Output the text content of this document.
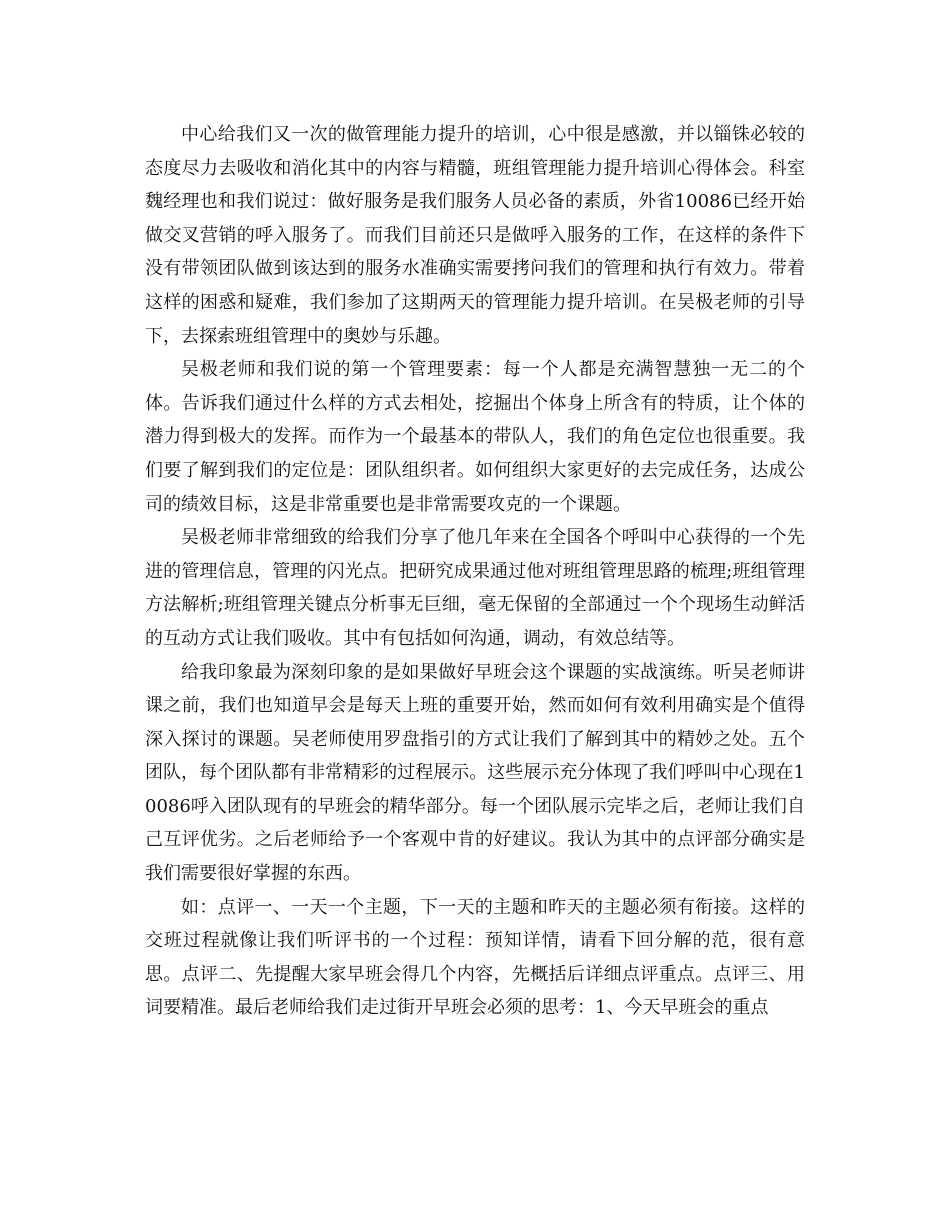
中心给我们又一次的做管理能力提升的培训，心中很是感激，并以锱铢必较的态度尽力去吸收和消化其中的内容与精髓，班组管理能力提升培训心得体会。科室魏经理也和我们说过：做好服务是我们服务人员必备的素质，外省10086已经开始做交叉营销的呼入服务了。而我们目前还只是做呼入服务的工作，在这样的条件下没有带领团队做到该达到的服务水准确实需要拷问我们的管理和执行有效力。带着这样的困惑和疑难，我们参加了这期两天的管理能力提升培训。在吴极老师的引导下，去探索班组管理中的奥妙与乐趣。

吴极老师和我们说的第一个管理要素：每一个人都是充满智慧独一无二的个体。告诉我们通过什么样的方式去相处，挖掘出个体身上所含有的特质，让个体的潜力得到极大的发挥。而作为一个最基本的带队人，我们的角色定位也很重要。我们要了解到我们的定位是：团队组织者。如何组织大家更好的去完成任务，达成公司的绩效目标，这是非常重要也是非常需要攻克的一个课题。

吴极老师非常细致的给我们分享了他几年来在全国各个呼叫中心获得的一个先进的管理信息，管理的闪光点。把研究成果通过他对班组管理思路的梳理;班组管理方法解析;班组管理关键点分析事无巨细，毫无保留的全部通过一个个现场生动鲜活的互动方式让我们吸收。其中有包括如何沟通，调动，有效总结等。

给我印象最为深刻印象的是如果做好早班会这个课题的实战演练。听吴老师讲课之前，我们也知道早会是每天上班的重要开始，然而如何有效利用确实是个值得深入探讨的课题。吴老师使用罗盘指引的方式让我们了解到其中的精妙之处。五个团队，每个团队都有非常精彩的过程展示。这些展示充分体现了我们呼叫中心现在10086呼入团队现有的早班会的精华部分。每一个团队展示完毕之后，老师让我们自己互评优劣。之后老师给予一个客观中肯的好建议。我认为其中的点评部分确实是我们需要很好掌握的东西。

如：点评一、一天一个主题，下一天的主题和昨天的主题必须有衔接。这样的交班过程就像让我们听评书的一个过程：预知详情，请看下回分解的范，很有意思。点评二、先提醒大家早班会得几个内容，先概括后详细点评重点。点评三、用词要精准。最后老师给我们走过街开早班会必须的思考：1、今天早班会的重点
